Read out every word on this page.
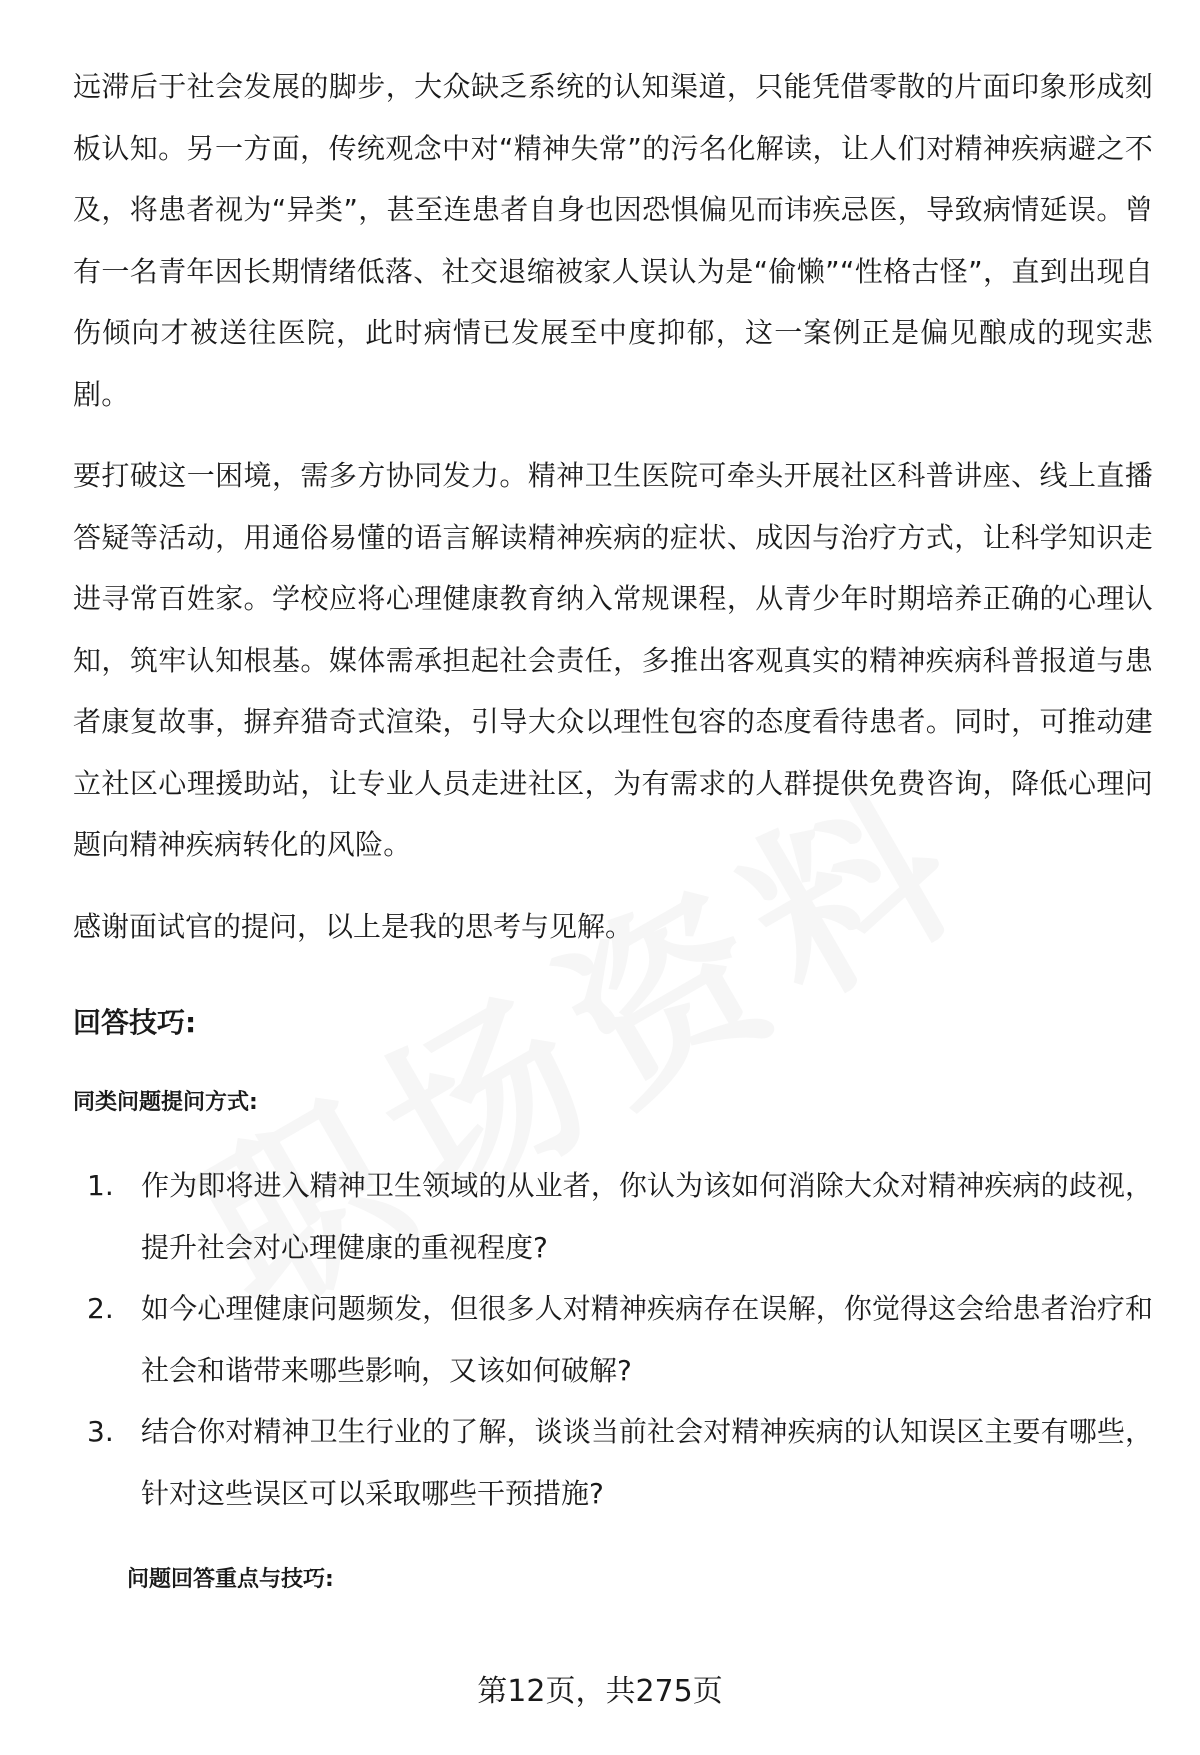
远滞后于社会发展的脚步，大众缺乏系统的认知渠道，只能凭借零散的片面印象形成刻板认知。另一方面，传统观念中对“精神失常”的污名化解读，让人们对精神疾病避之不及，将患者视为“异类”，甚至连患者自身也因恐惧偏见而讳疾忌医，导致病情延误。曾有一名青年因长期情绪低落、社交退缩被家人误认为是“偷懒”“性格古怪”，直到出现自伤倾向才被送往医院，此时病情已发展至中度抑郁，这一案例正是偏见酿成的现实悲剧。

要打破这一困境，需多方协同发力。精神卫生医院可牵头开展社区科普讲座、线上直播答疑等活动，用通俗易懂的语言解读精神疾病的症状、成因与治疗方式，让科学知识走进寻常百姓家。学校应将心理健康教育纳入常规课程，从青少年时期培养正确的心理认知，筑牢认知根基。媒体需承担起社会责任，多推出客观真实的精神疾病科普报道与患者康复故事，摒弃猎奇式渲染，引导大众以理性包容的态度看待患者。同时，可推动建立社区心理援助站，让专业人员走进社区，为有需求的人群提供免费咨询，降低心理问题向精神疾病转化的风险。

感谢面试官的提问，以上是我的思考与见解。

回答技巧:
同类问题提问方式:
1. 作为即将进入精神卫生领域的从业者，你认为该如何消除大众对精神疾病的歧视，提升社会对心理健康的重视程度?
2. 如今心理健康问题频发，但很多人对精神疾病存在误解，你觉得这会给患者治疗和社会和谐带来哪些影响，又该如何破解?
3. 结合你对精神卫生行业的了解，谈谈当前社会对精神疾病的认知误区主要有哪些，针对这些误区可以采取哪些干预措施?
问题回答重点与技巧:
第12页，共275页
